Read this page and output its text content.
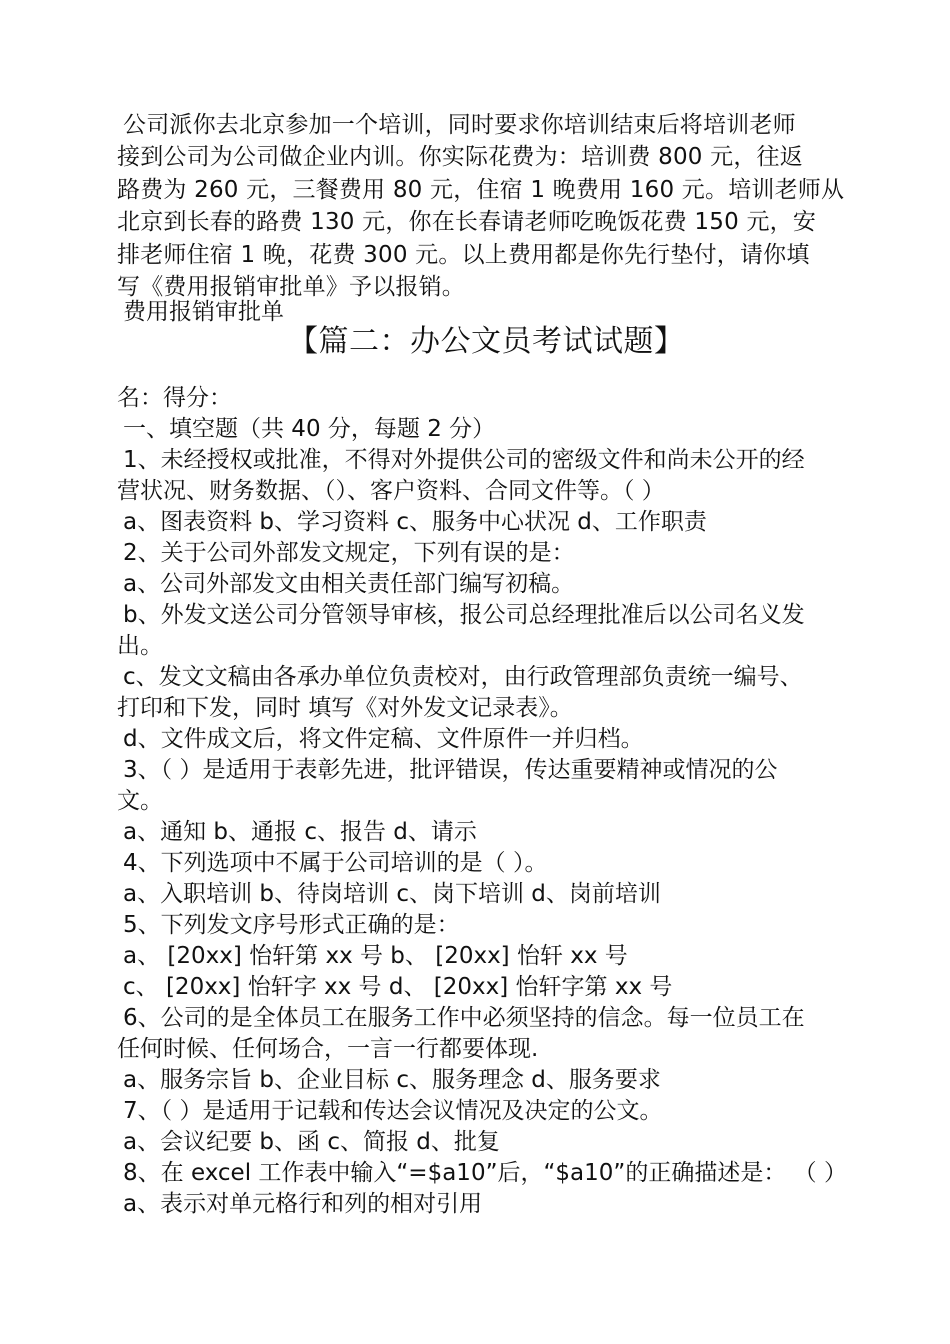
公司派你去北京参加一个培训，同时要求你培训结束后将培训老师
接到公司为公司做企业内训。你实际花费为：培训费 800 元，往返
路费为 260 元，三餐费用 80 元，住宿 1 晚费用 160 元。培训老师从
北京到长春的路费 130 元，你在长春请老师吃晚饭花费 150 元，安
排老师住宿 1 晚，花费 300 元。以上费用都是你先行垫付，请你填
写《费用报销审批单》予以报销。
费用报销审批单
【篇二：办公文员考试试题】
名：得分：
一、填空题（共 40 分，每题 2 分）
1、未经授权或批准，不得对外提供公司的密级文件和尚未公开的经
营状况、财务数据、（）、客户资料、合同文件等。（ ）
a、图表资料 b、学习资料 c、服务中心状况 d、工作职责
2、关于公司外部发文规定，下列有误的是：
a、公司外部发文由相关责任部门编写初稿。
b、外发文送公司分管领导审核，报公司总经理批准后以公司名义发
出。
c、发文文稿由各承办单位负责校对，由行政管理部负责统一编号、
打印和下发，同时 填写《对外发文记录表》。
d、文件成文后，将文件定稿、文件原件一并归档。
3、（ ）是适用于表彰先进，批评错误，传达重要精神或情况的公
文。
a、通知 b、通报 c、报告 d、请示
4、下列选项中不属于公司培训的是（ ）。
a、入职培训 b、待岗培训 c、岗下培训 d、岗前培训
5、下列发文序号形式正确的是：
a、 [20xx] 怡轩第 xx 号 b、 [20xx] 怡轩 xx 号
c、 [20xx] 怡轩字 xx 号 d、 [20xx] 怡轩字第 xx 号
6、公司的是全体员工在服务工作中必须坚持的信念。每一位员工在
任何时候、任何场合，一言一行都要体现.
a、服务宗旨 b、企业目标 c、服务理念 d、服务要求
7、（ ）是适用于记载和传达会议情况及决定的公文。
a、会议纪要 b、函 c、简报 d、批复
8、在 excel 工作表中输入“=$a10”后，“$a10”的正确描述是： （ ）
a、表示对单元格行和列的相对引用
